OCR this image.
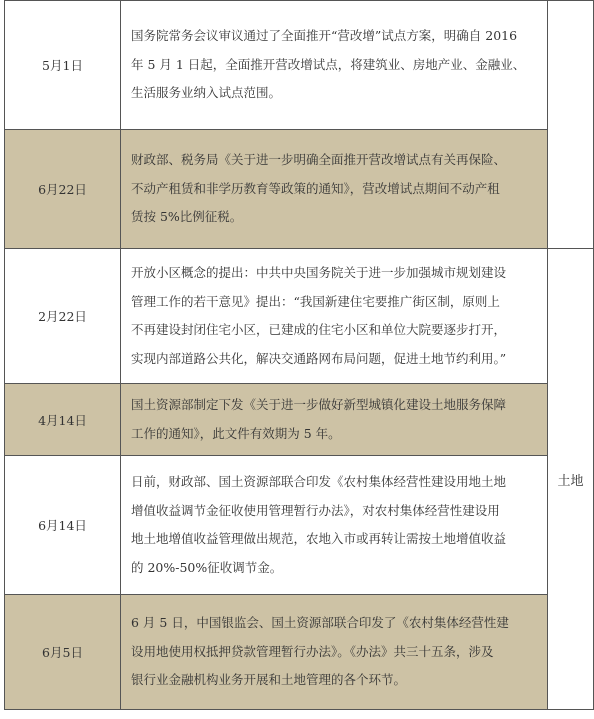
5月1日	国务院常务会议审议通过了全面推开“营改增”试点方案，明确自 2016
年 5 月 1 日起，全面推开营改增试点，将建筑业、房地产业、金融业、
生活服务业纳入试点范围。	

6月22日	财政部、税务局《关于进一步明确全面推开营改增试点有关再保险、
不动产租赁和非学历教育等政策的通知》，营改增试点期间不动产租
赁按 5%比例征税。	

2月22日	开放小区概念的提出：中共中央国务院关于进一步加强城市规划建设
管理工作的若干意见》提出：“我国新建住宅要推广街区制，原则上
不再建设封闭住宅小区，已建成的住宅小区和单位大院要逐步打开，
实现内部道路公共化，解决交通路网布局问题，促进土地节约利用。”	土地
4月14日	国土资源部制定下发《关于进一步做好新型城镇化建设土地服务保障
工作的通知》，此文件有效期为 5 年。	

6月14日	日前，财政部、国土资源部联合印发《农村集体经营性建设用地土地
增值收益调节金征收使用管理暂行办法》，对农村集体经营性建设用
地土地增值收益管理做出规范，农地入市或再转让需按土地增值收益
的 20%-50%征收调节金。	

6月5日	6 月 5 日，中国银监会、国土资源部联合印发了《农村集体经营性建
设用地使用权抵押贷款管理暂行办法》。《办法》共三十五条，涉及
银行业金融机构业务开展和土地管理的各个环节。	
